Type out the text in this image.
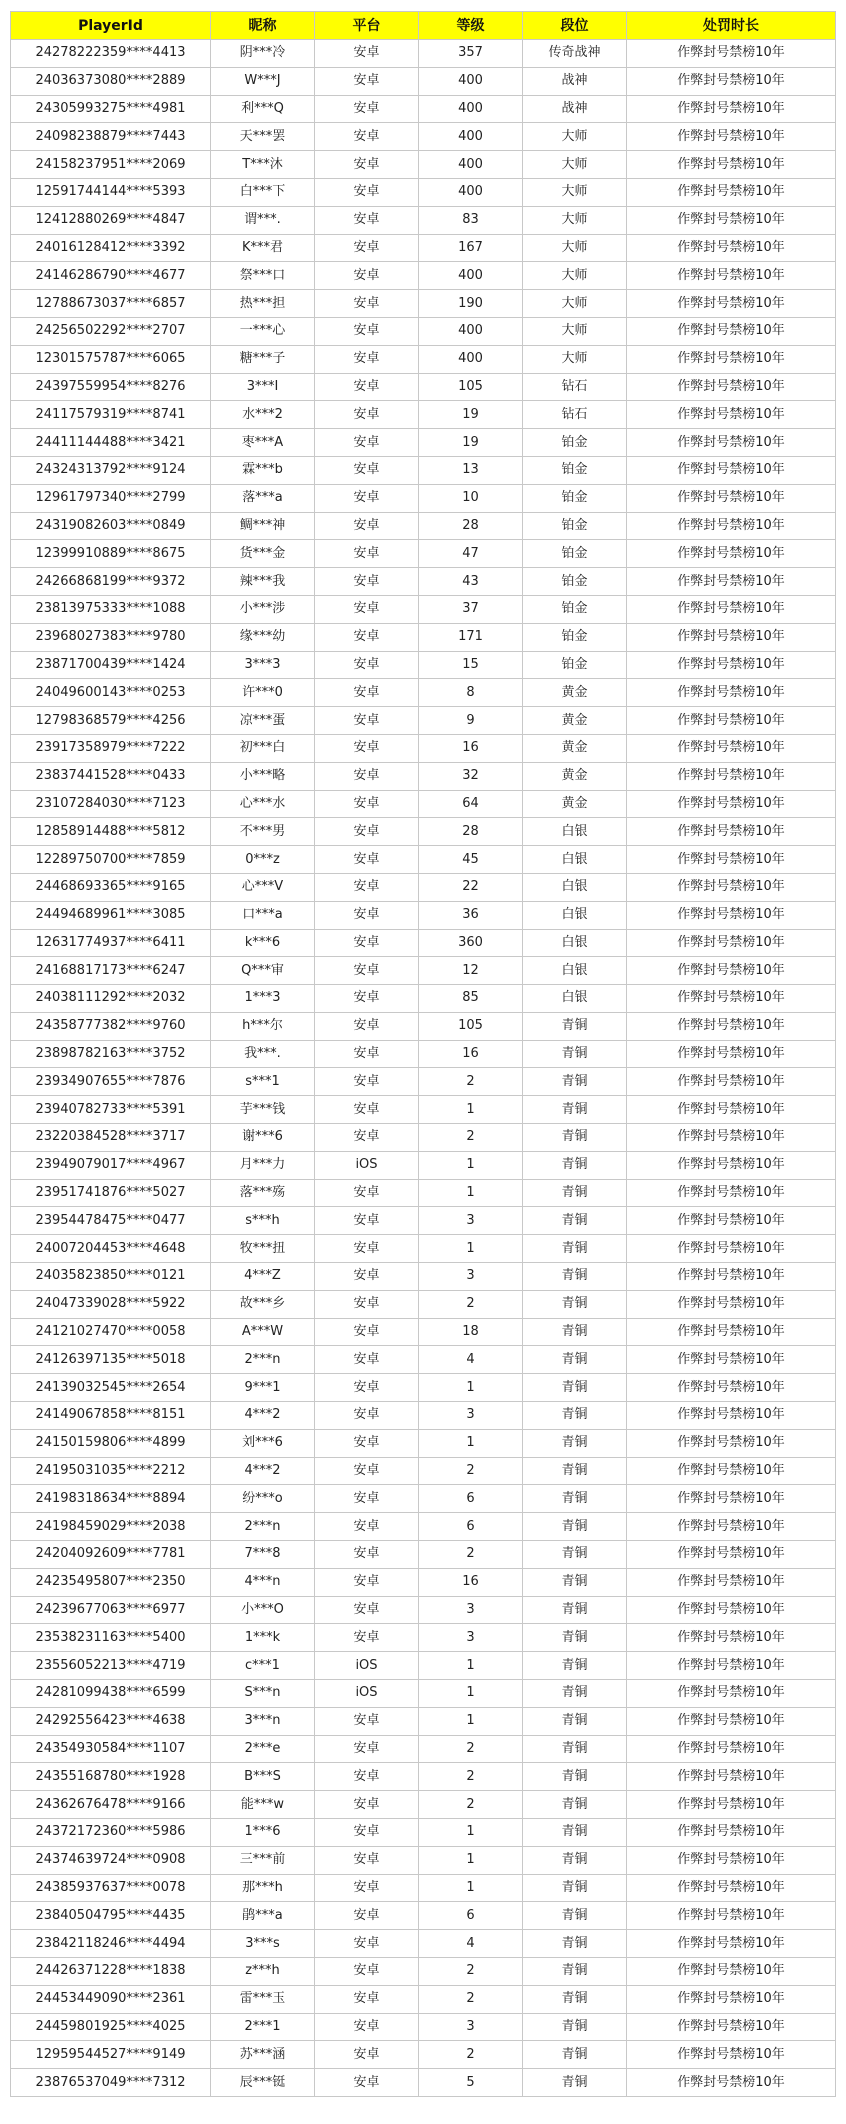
PlayerId	昵称	平台	等级	段位	处罚时长
24278222359****4413	阴***冷	安卓	357	传奇战神	作弊封号禁榜10年
24036373080****2889	W***J	安卓	400	战神	作弊封号禁榜10年
24305993275****4981	利***Q	安卓	400	战神	作弊封号禁榜10年
24098238879****7443	天***罢	安卓	400	大师	作弊封号禁榜10年
24158237951****2069	T***沐	安卓	400	大师	作弊封号禁榜10年
12591744144****5393	白***下	安卓	400	大师	作弊封号禁榜10年
12412880269****4847	谓***.	安卓	83	大师	作弊封号禁榜10年
24016128412****3392	K***君	安卓	167	大师	作弊封号禁榜10年
24146286790****4677	祭***口	安卓	400	大师	作弊封号禁榜10年
12788673037****6857	热***担	安卓	190	大师	作弊封号禁榜10年
24256502292****2707	一***心	安卓	400	大师	作弊封号禁榜10年
12301575787****6065	糖***子	安卓	400	大师	作弊封号禁榜10年
24397559954****8276	3***I	安卓	105	钻石	作弊封号禁榜10年
24117579319****8741	水***2	安卓	19	钻石	作弊封号禁榜10年
24411144488****3421	枣***A	安卓	19	铂金	作弊封号禁榜10年
24324313792****9124	霖***b	安卓	13	铂金	作弊封号禁榜10年
12961797340****2799	落***a	安卓	10	铂金	作弊封号禁榜10年
24319082603****0849	鲷***神	安卓	28	铂金	作弊封号禁榜10年
12399910889****8675	货***金	安卓	47	铂金	作弊封号禁榜10年
24266868199****9372	辣***我	安卓	43	铂金	作弊封号禁榜10年
23813975333****1088	小***涉	安卓	37	铂金	作弊封号禁榜10年
23968027383****9780	缘***幼	安卓	171	铂金	作弊封号禁榜10年
23871700439****1424	3***3	安卓	15	铂金	作弊封号禁榜10年
24049600143****0253	许***0	安卓	8	黄金	作弊封号禁榜10年
12798368579****4256	凉***蛋	安卓	9	黄金	作弊封号禁榜10年
23917358979****7222	初***白	安卓	16	黄金	作弊封号禁榜10年
23837441528****0433	小***略	安卓	32	黄金	作弊封号禁榜10年
23107284030****7123	心***水	安卓	64	黄金	作弊封号禁榜10年
12858914488****5812	不***男	安卓	28	白银	作弊封号禁榜10年
12289750700****7859	0***z	安卓	45	白银	作弊封号禁榜10年
24468693365****9165	心***V	安卓	22	白银	作弊封号禁榜10年
24494689961****3085	口***a	安卓	36	白银	作弊封号禁榜10年
12631774937****6411	k***6	安卓	360	白银	作弊封号禁榜10年
24168817173****6247	Q***审	安卓	12	白银	作弊封号禁榜10年
24038111292****2032	1***3	安卓	85	白银	作弊封号禁榜10年
24358777382****9760	h***尔	安卓	105	青铜	作弊封号禁榜10年
23898782163****3752	我***.	安卓	16	青铜	作弊封号禁榜10年
23934907655****7876	s***1	安卓	2	青铜	作弊封号禁榜10年
23940782733****5391	芋***钱	安卓	1	青铜	作弊封号禁榜10年
23220384528****3717	谢***6	安卓	2	青铜	作弊封号禁榜10年
23949079017****4967	月***力	iOS	1	青铜	作弊封号禁榜10年
23951741876****5027	落***殇	安卓	1	青铜	作弊封号禁榜10年
23954478475****0477	s***h	安卓	3	青铜	作弊封号禁榜10年
24007204453****4648	牧***扭	安卓	1	青铜	作弊封号禁榜10年
24035823850****0121	4***Z	安卓	3	青铜	作弊封号禁榜10年
24047339028****5922	故***乡	安卓	2	青铜	作弊封号禁榜10年
24121027470****0058	A***W	安卓	18	青铜	作弊封号禁榜10年
24126397135****5018	2***n	安卓	4	青铜	作弊封号禁榜10年
24139032545****2654	9***1	安卓	1	青铜	作弊封号禁榜10年
24149067858****8151	4***2	安卓	3	青铜	作弊封号禁榜10年
24150159806****4899	刘***6	安卓	1	青铜	作弊封号禁榜10年
24195031035****2212	4***2	安卓	2	青铜	作弊封号禁榜10年
24198318634****8894	纷***o	安卓	6	青铜	作弊封号禁榜10年
24198459029****2038	2***n	安卓	6	青铜	作弊封号禁榜10年
24204092609****7781	7***8	安卓	2	青铜	作弊封号禁榜10年
24235495807****2350	4***n	安卓	16	青铜	作弊封号禁榜10年
24239677063****6977	小***O	安卓	3	青铜	作弊封号禁榜10年
23538231163****5400	1***k	安卓	3	青铜	作弊封号禁榜10年
23556052213****4719	c***1	iOS	1	青铜	作弊封号禁榜10年
24281099438****6599	S***n	iOS	1	青铜	作弊封号禁榜10年
24292556423****4638	3***n	安卓	1	青铜	作弊封号禁榜10年
24354930584****1107	2***e	安卓	2	青铜	作弊封号禁榜10年
24355168780****1928	B***S	安卓	2	青铜	作弊封号禁榜10年
24362676478****9166	能***w	安卓	2	青铜	作弊封号禁榜10年
24372172360****5986	1***6	安卓	1	青铜	作弊封号禁榜10年
24374639724****0908	三***前	安卓	1	青铜	作弊封号禁榜10年
24385937637****0078	那***h	安卓	1	青铜	作弊封号禁榜10年
23840504795****4435	鹃***a	安卓	6	青铜	作弊封号禁榜10年
23842118246****4494	3***s	安卓	4	青铜	作弊封号禁榜10年
24426371228****1838	z***h	安卓	2	青铜	作弊封号禁榜10年
24453449090****2361	雷***玉	安卓	2	青铜	作弊封号禁榜10年
24459801925****4025	2***1	安卓	3	青铜	作弊封号禁榜10年
12959544527****9149	苏***涵	安卓	2	青铜	作弊封号禁榜10年
23876537049****7312	辰***铤	安卓	5	青铜	作弊封号禁榜10年
